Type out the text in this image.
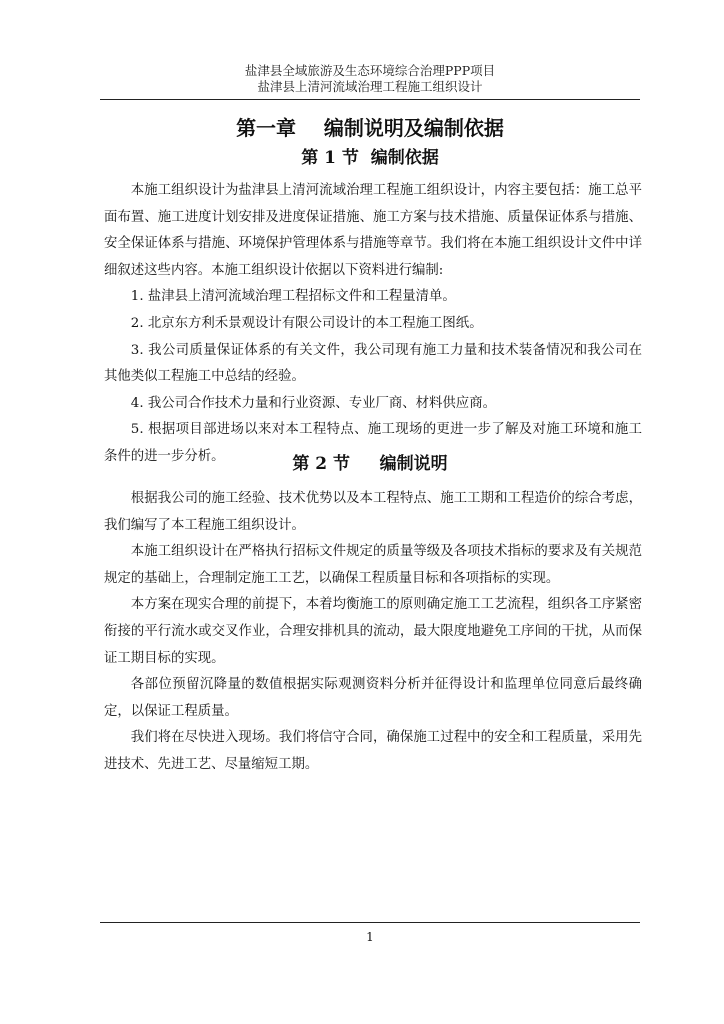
盐津县全域旅游及生态环境综合治理PPP项目
盐津县上清河流域治理工程施工组织设计
第一章    编制说明及编制依据
第 1 节  编制依据

本施工组织设计为盐津县上清河流域治理工程施工组织设计，内容主要包括：施工总平面布置、施工进度计划安排及进度保证措施、施工方案与技术措施、质量保证体系与措施、安全保证体系与措施、环境保护管理体系与措施等章节。我们将在本施工组织设计文件中详细叙述这些内容。本施工组织设计依据以下资料进行编制:

1. 盐津县上清河流域治理工程招标文件和工程量清单。

2. 北京东方利禾景观设计有限公司设计的本工程施工图纸。

3. 我公司质量保证体系的有关文件，我公司现有施工力量和技术装备情况和我公司在其他类似工程施工中总结的经验。

4. 我公司合作技术力量和行业资源、专业厂商、材料供应商。

5. 根据项目部进场以来对本工程特点、施工现场的更进一步了解及对施工环境和施工条件的进一步分析。	第 2 节     编制说明

根据我公司的施工经验、技术优势以及本工程特点、施工工期和工程造价的综合考虑，我们编写了本工程施工组织设计。

本施工组织设计在严格执行招标文件规定的质量等级及各项技术指标的要求及有关规范规定的基础上，合理制定施工工艺，以确保工程质量目标和各项指标的实现。

本方案在现实合理的前提下，本着均衡施工的原则确定施工工艺流程，组织各工序紧密衔接的平行流水或交叉作业，合理安排机具的流动，最大限度地避免工序间的干扰，从而保证工期目标的实现。

各部位预留沉降量的数值根据实际观测资料分析并征得设计和监理单位同意后最终确定，以保证工程质量。

我们将在尽快进入现场。我们将信守合同，确保施工过程中的安全和工程质量，采用先进技术、先进工艺、尽量缩短工期。

1
